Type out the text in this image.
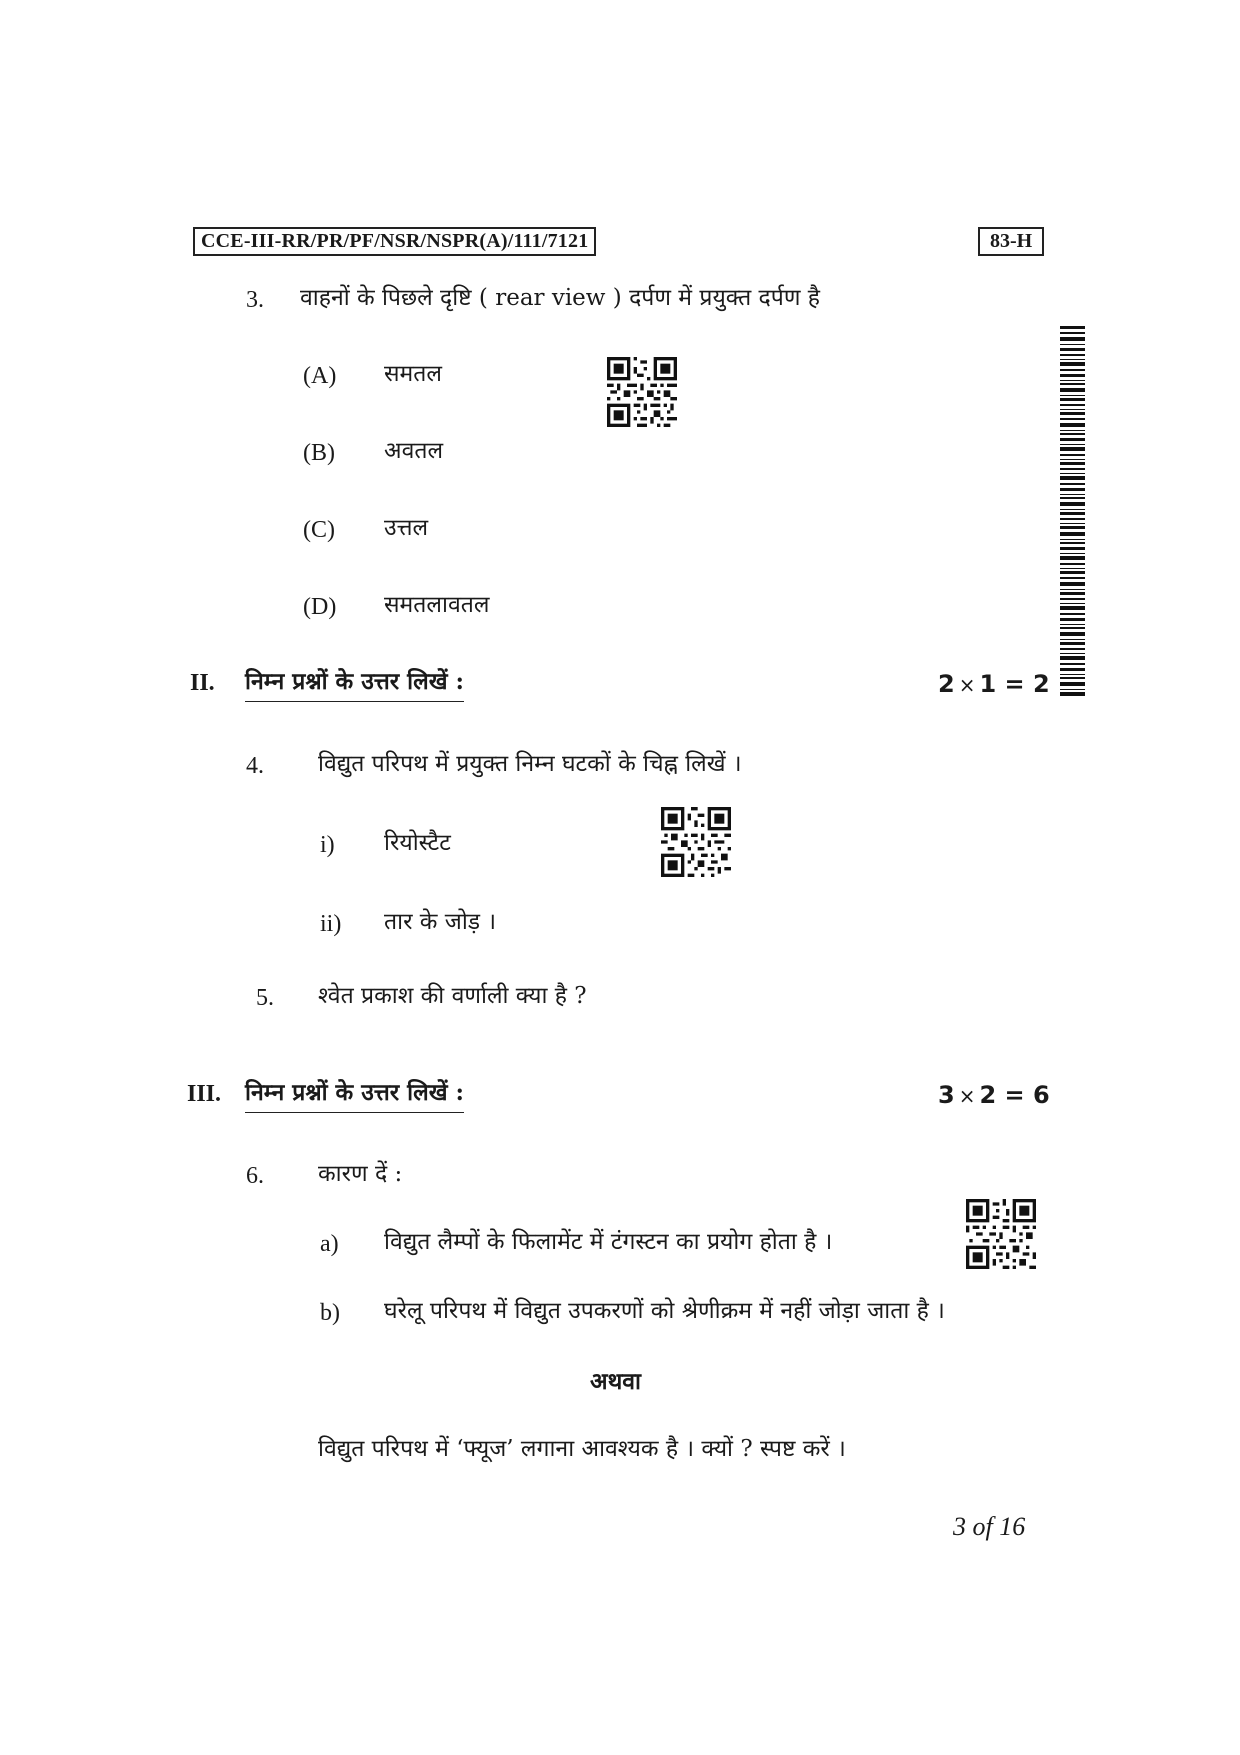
CCE-III-RR/PR/PF/NSR/NSPR(A)/111/7121	83-H
3. वाहनों के पिछले दृष्टि ( rear view ) दर्पण में प्रयुक्त दर्पण है
(A) समतल
(B) अवतल
(C) उत्तल
(D) समतलावतल
II. निम्न प्रश्नों के उत्तर लिखें :	2 × 1 = 2
4. विद्युत परिपथ में प्रयुक्त निम्न घटकों के चिह्न लिखें ।
i) रियोस्टैट
ii) तार के जोड़ ।
5. श्वेत प्रकाश की वर्णाली क्या है ?
III. निम्न प्रश्नों के उत्तर लिखें :	3 × 2 = 6
6. कारण दें :
a) विद्युत लैम्पों के फिलामेंट में टंगस्टन का प्रयोग होता है ।
b) घरेलू परिपथ में विद्युत उपकरणों को श्रेणीक्रम में नहीं जोड़ा जाता है ।
अथवा
विद्युत परिपथ में ‘फ्यूज’ लगाना आवश्यक है । क्यों ? स्पष्ट करें ।
3 of 16
